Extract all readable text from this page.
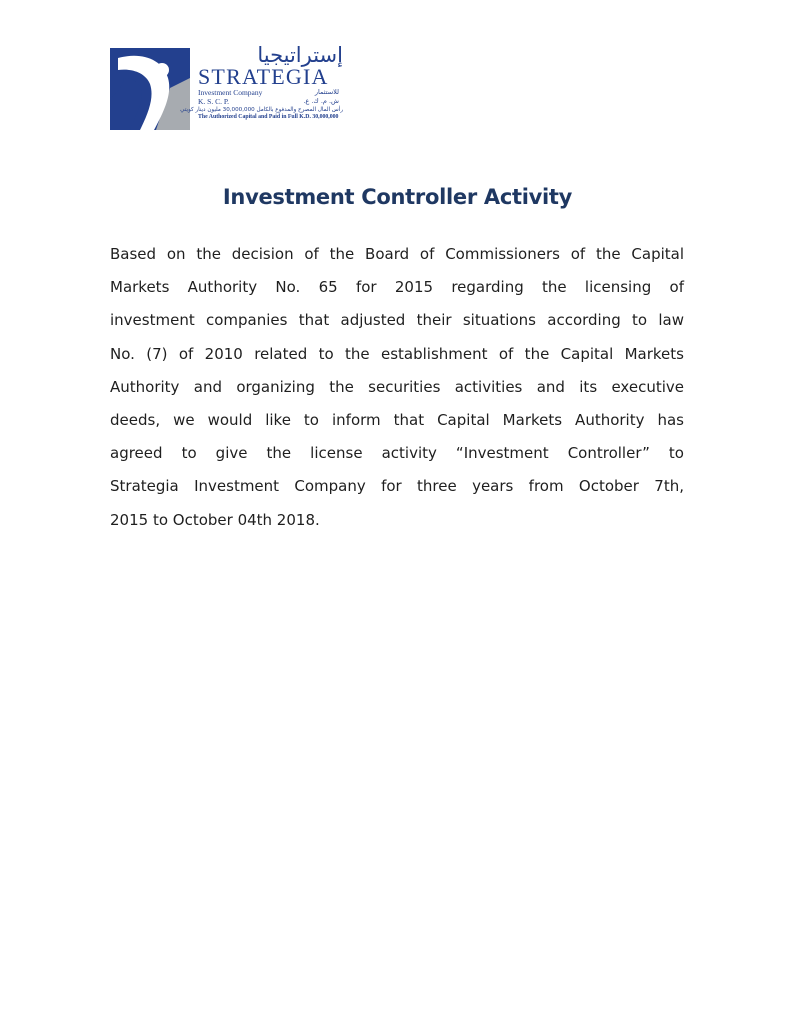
إستراتيجيا
STRATEGIA
Investment Company	للاستثمار
K. S. C. P.	ش. م. ك. ع.
رأس المال المصرح والمدفوع بالكامل 30,000,000 مليون دينار كويتي
The Authorized Capital and Paid in Full K.D. 30,000,000
Investment Controller Activity
Based on the decision of the Board of Commissioners of the Capital
Markets Authority No. 65 for 2015 regarding the licensing of
investment companies that adjusted their situations according to law
No. (7) of 2010 related to the establishment of the Capital Markets
Authority and organizing the securities activities and its executive
deeds, we would like to inform that Capital Markets Authority has
agreed to give the license activity “Investment Controller” to
Strategia Investment Company for three years from October 7th,
2015 to October 04th 2018.
